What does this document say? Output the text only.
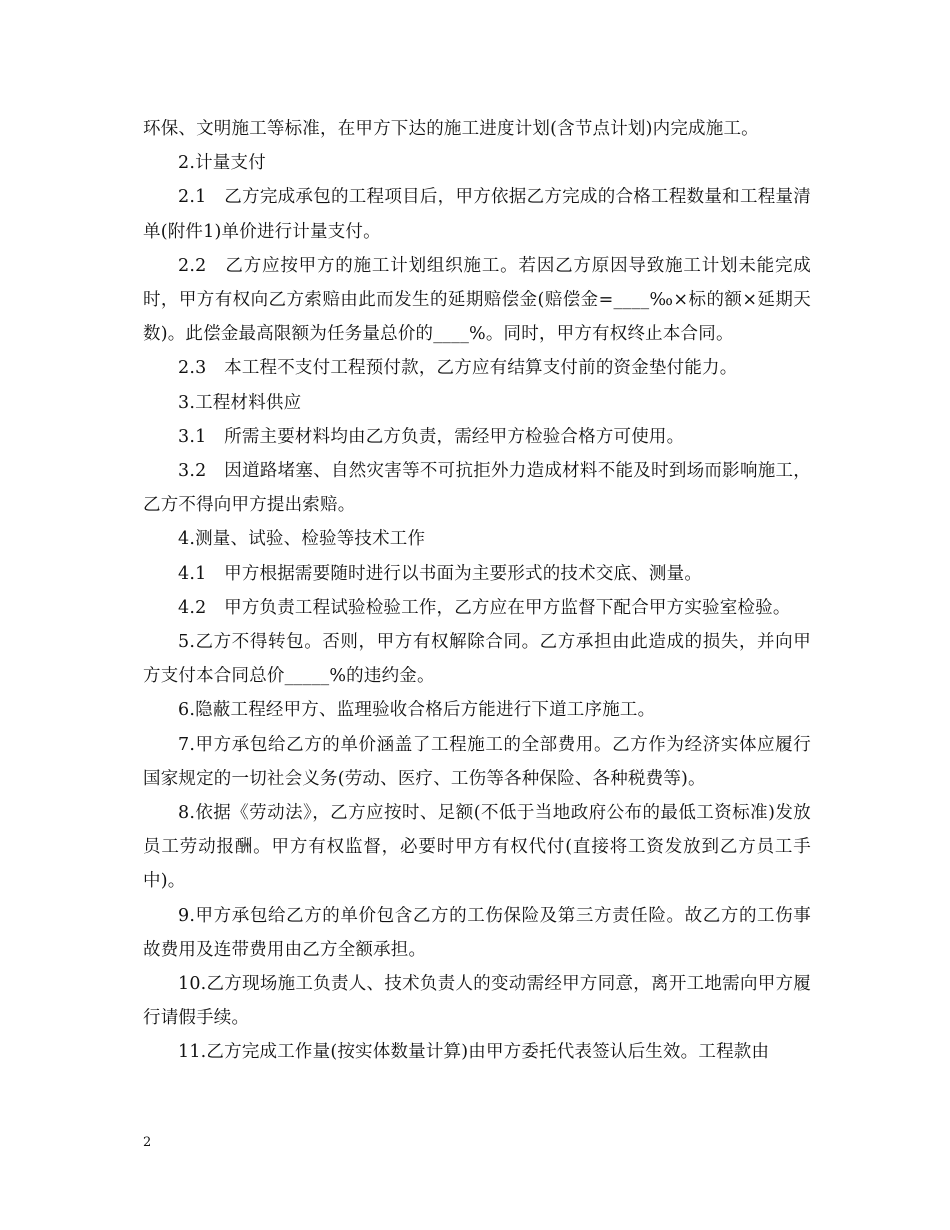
环保、文明施工等标准，在甲方下达的施工进度计划(含节点计划)内完成施工。

2.计量支付

2.1　乙方完成承包的工程项目后，甲方依据乙方完成的合格工程数量和工程量清单(附件1)单价进行计量支付。

2.2　乙方应按甲方的施工计划组织施工。若因乙方原因导致施工计划未能完成时，甲方有权向乙方索赔由此而发生的延期赔偿金(赔偿金=____‰×标的额×延期天数)。此偿金最高限额为任务量总价的____%。同时，甲方有权终止本合同。

2.3　本工程不支付工程预付款，乙方应有结算支付前的资金垫付能力。

3.工程材料供应

3.1　所需主要材料均由乙方负责，需经甲方检验合格方可使用。

3.2　因道路堵塞、自然灾害等不可抗拒外力造成材料不能及时到场而影响施工，乙方不得向甲方提出索赔。

4.测量、试验、检验等技术工作

4.1　甲方根据需要随时进行以书面为主要形式的技术交底、测量。

4.2　甲方负责工程试验检验工作，乙方应在甲方监督下配合甲方实验室检验。

5.乙方不得转包。否则，甲方有权解除合同。乙方承担由此造成的损失，并向甲方支付本合同总价_____%的违约金。

6.隐蔽工程经甲方、监理验收合格后方能进行下道工序施工。

7.甲方承包给乙方的单价涵盖了工程施工的全部费用。乙方作为经济实体应履行国家规定的一切社会义务(劳动、医疗、工伤等各种保险、各种税费等)。

8.依据《劳动法》，乙方应按时、足额(不低于当地政府公布的最低工资标准)发放员工劳动报酬。甲方有权监督，必要时甲方有权代付(直接将工资发放到乙方员工手中)。

9.甲方承包给乙方的单价包含乙方的工伤保险及第三方责任险。故乙方的工伤事故费用及连带费用由乙方全额承担。

10.乙方现场施工负责人、技术负责人的变动需经甲方同意，离开工地需向甲方履行请假手续。

11.乙方完成工作量(按实体数量计算)由甲方委托代表签认后生效。工程款由

2
